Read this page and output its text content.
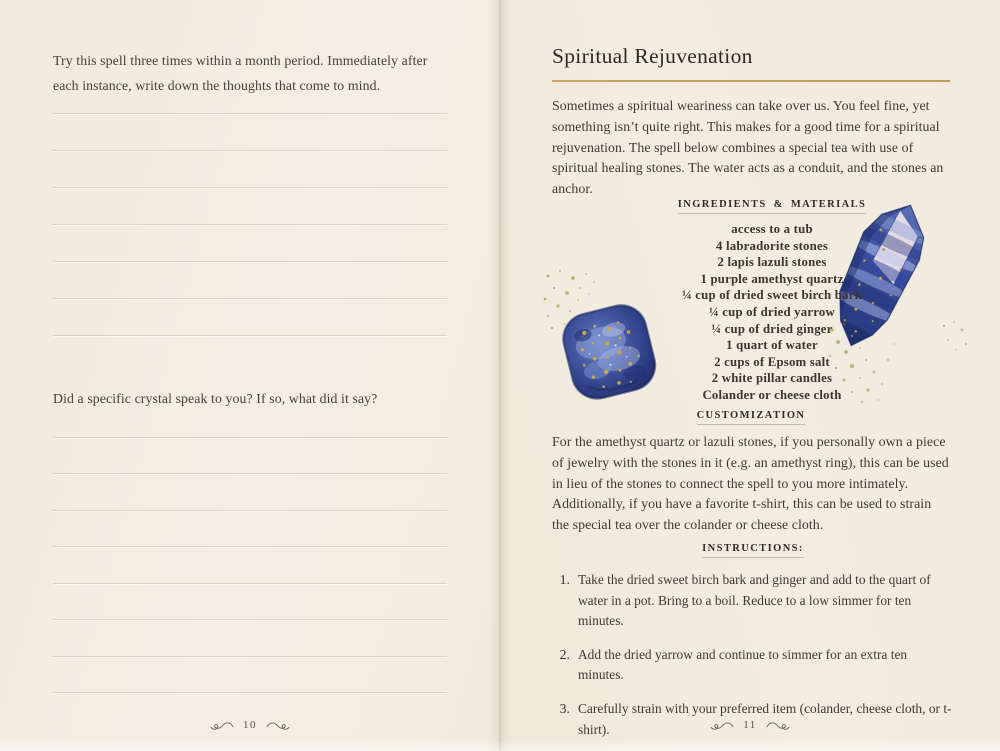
Try this spell three times within a month period. Immediately after each instance, write down the thoughts that come to mind.
Did a specific crystal speak to you? If so, what did it say?
10
Spiritual Rejuvenation
Sometimes a spiritual weariness can take over us. You feel fine, yet something isn’t quite right. This makes for a good time for a spiritual rejuvenation. The spell below combines a special tea with use of spiritual healing stones. The water acts as a conduit, and the stones an anchor.
INGREDIENTS & MATERIALS
access to a tub
4 labradorite stones
2 lapis lazuli stones
1 purple amethyst quartz
¼ cup of dried sweet birch bark
¼ cup of dried yarrow
¼ cup of dried ginger
1 quart of water
2 cups of Epsom salt
2 white pillar candles
Colander or cheese cloth
CUSTOMIZATION
For the amethyst quartz or lazuli stones, if you personally own a piece of jewelry with the stones in it (e.g. an amethyst ring), this can be used in lieu of the stones to connect the spell to you more intimately. Additionally, if you have a favorite t-shirt, this can be used to strain the special tea over the colander or cheese cloth.
INSTRUCTIONS:
1. Take the dried sweet birch bark and ginger and add to the quart of water in a pot. Bring to a boil. Reduce to a low simmer for ten minutes.
2. Add the dried yarrow and continue to simmer for an extra ten minutes.
3. Carefully strain with your preferred item (colander, cheese cloth, or t-shirt).	11
